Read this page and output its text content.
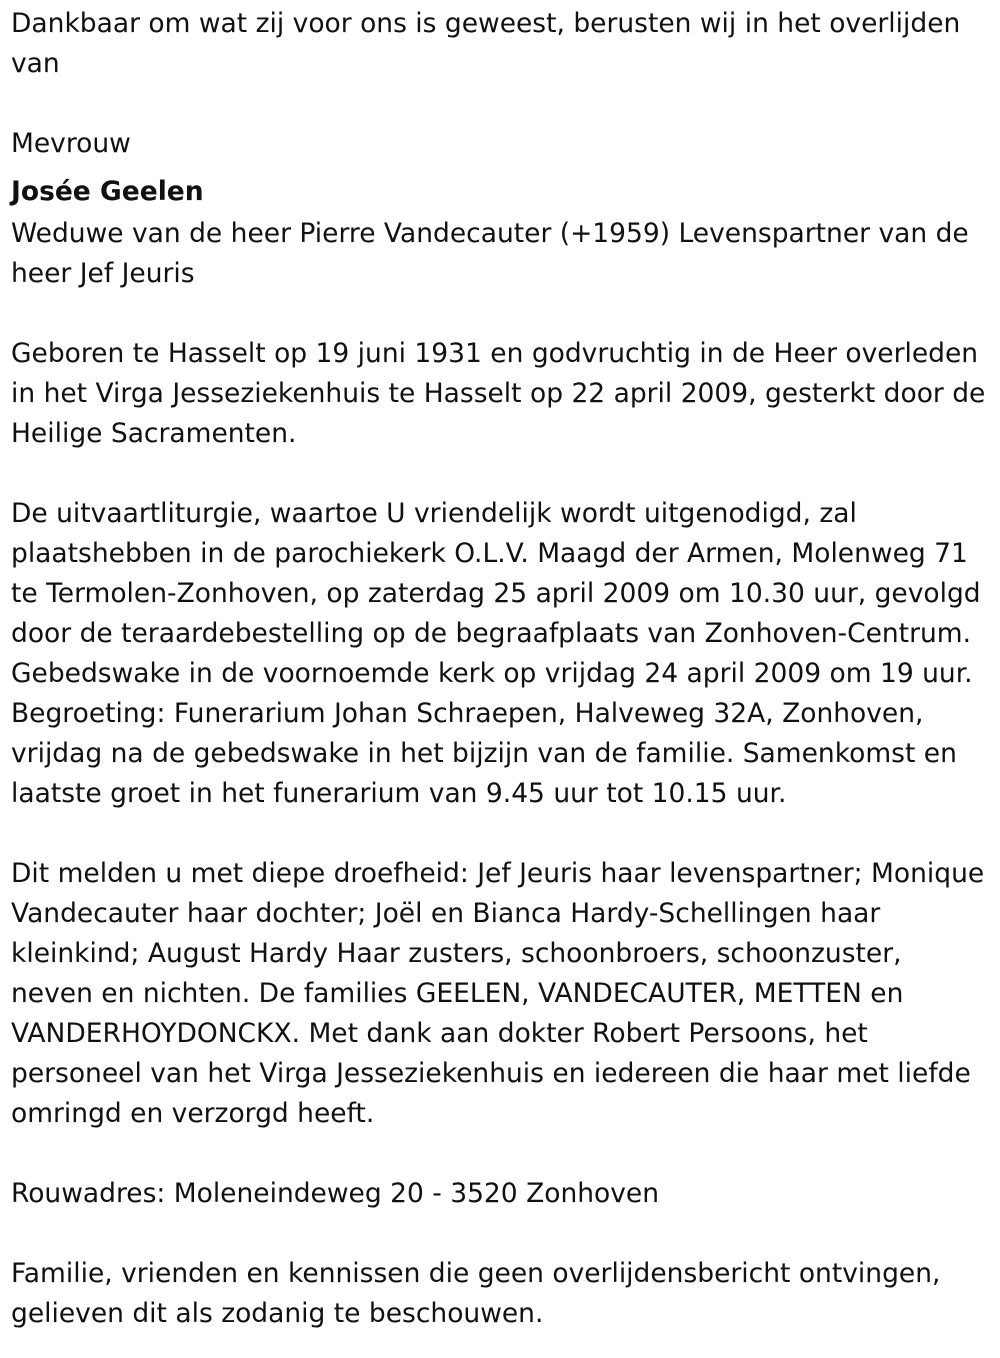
Dankbaar om wat zij voor ons is geweest, berusten wij in het overlijden van

Mevrouw

Josée Geelen

Weduwe van de heer Pierre Vandecauter (+1959) Levenspartner van de heer Jef Jeuris

Geboren te Hasselt op 19 juni 1931 en godvruchtig in de Heer overleden in het Virga Jesseziekenhuis te Hasselt op 22 april 2009, gesterkt door de Heilige Sacramenten.

De uitvaartliturgie, waartoe U vriendelijk wordt uitgenodigd, zal plaatshebben in de parochiekerk O.L.V. Maagd der Armen, Molenweg 71 te Termolen-Zonhoven, op zaterdag 25 april 2009 om 10.30 uur, gevolgd door de teraardebestelling op de begraafplaats van Zonhoven-Centrum. Gebedswake in de voornoemde kerk op vrijdag 24 april 2009 om 19 uur. Begroeting: Funerarium Johan Schraepen, Halveweg 32A, Zonhoven, vrijdag na de gebedswake in het bijzijn van de familie. Samenkomst en laatste groet in het funerarium van 9.45 uur tot 10.15 uur.

Dit melden u met diepe droefheid: Jef Jeuris haar levenspartner; Monique Vandecauter haar dochter; Joël en Bianca Hardy-Schellingen haar kleinkind; August Hardy Haar zusters, schoonbroers, schoonzuster, neven en nichten. De families GEELEN, VANDECAUTER, METTEN en VANDERHOYDONCKX. Met dank aan dokter Robert Persoons, het personeel van het Virga Jesseziekenhuis en iedereen die haar met liefde omringd en verzorgd heeft.

Rouwadres: Moleneindeweg 20 - 3520 Zonhoven

Familie, vrienden en kennissen die geen overlijdensbericht ontvingen, gelieven dit als zodanig te beschouwen.
